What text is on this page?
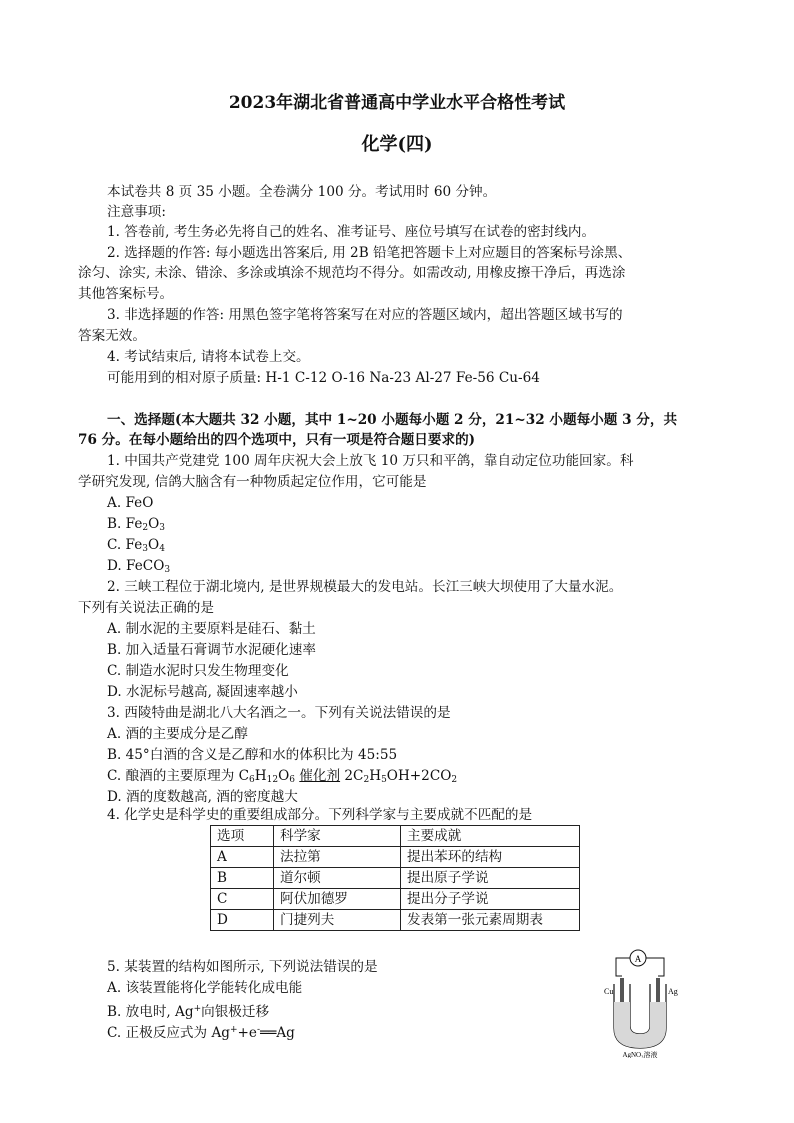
2023年湖北省普通高中学业水平合格性考试
化学(四)
本试卷共 8 页 35 小题。全卷满分 100 分。考试用时 60 分钟。
注意事项:
1. 答卷前, 考生务必先将自己的姓名、准考证号、座位号填写在试卷的密封线内。
2. 选择题的作答: 每小题选出答案后, 用 2B 铅笔把答题卡上对应题目的答案标号涂黑、
涂匀、涂实, 未涂、错涂、多涂或填涂不规范均不得分。如需改动, 用橡皮擦干净后，再选涂
其他答案标号。
3. 非选择题的作答: 用黑色签字笔将答案写在对应的答题区域内，超出答题区域书写的
答案无效。
4. 考试结束后, 请将本试卷上交。
可能用到的相对原子质量: H-1 C-12 O-16 Na-23 Al-27 Fe-56 Cu-64
一、选择题(本大题共 32 小题，其中 1~20 小题每小题 2 分，21~32 小题每小题 3 分，共
76 分。在每小题给出的四个选项中，只有一项是符合题日要求的)
1. 中国共产党建党 100 周年庆祝大会上放飞 10 万只和平鸽，靠自动定位功能回家。科
学研究发现, 信鸽大脑含有一种物质起定位作用，它可能是
A. FeO
B. $Fe_2O_3$
C. $Fe_3O_4$
D. FeCO$_3$
2. 三峡工程位于湖北境内, 是世界规模最大的发电站。长江三峡大坝使用了大量水泥。
下列有关说法正确的是
A. 制水泥的主要原料是硅石、黏土
B. 加入适量石膏调节水泥硬化速率
C. 制造水泥时只发生物理变化
D. 水泥标号越高, 凝固速率越小
3. 西陵特曲是湖北八大名酒之一。下列有关说法错误的是
A. 酒的主要成分是乙醇
B. 45°白酒的含义是乙醇和水的体积比为 45:55
C. 酿酒的主要原理为 $C_6H_{12}O_6$ 催化剂 $2C_2H_5OH+2CO_2$
D. 酒的度数越高, 酒的密度越大
4. 化学史是科学史的重要组成部分。下列科学家与主要成就不匹配的是
选项	科学家	主要成就
A	法拉第	提出苯环的结构
B	道尔顿	提出原子学说
C	阿伏加德罗	提出分子学说
D	门捷列夫	发表第一张元素周期表
5. 某装置的结构如图所示, 下列说法错误的是
A. 该装置能将化学能转化成电能
B. 放电时, Ag+向银极迁移
C. 正极反应式为 Ag++e-══Ag
A
Cu	Ag
AgNO₃溶液
